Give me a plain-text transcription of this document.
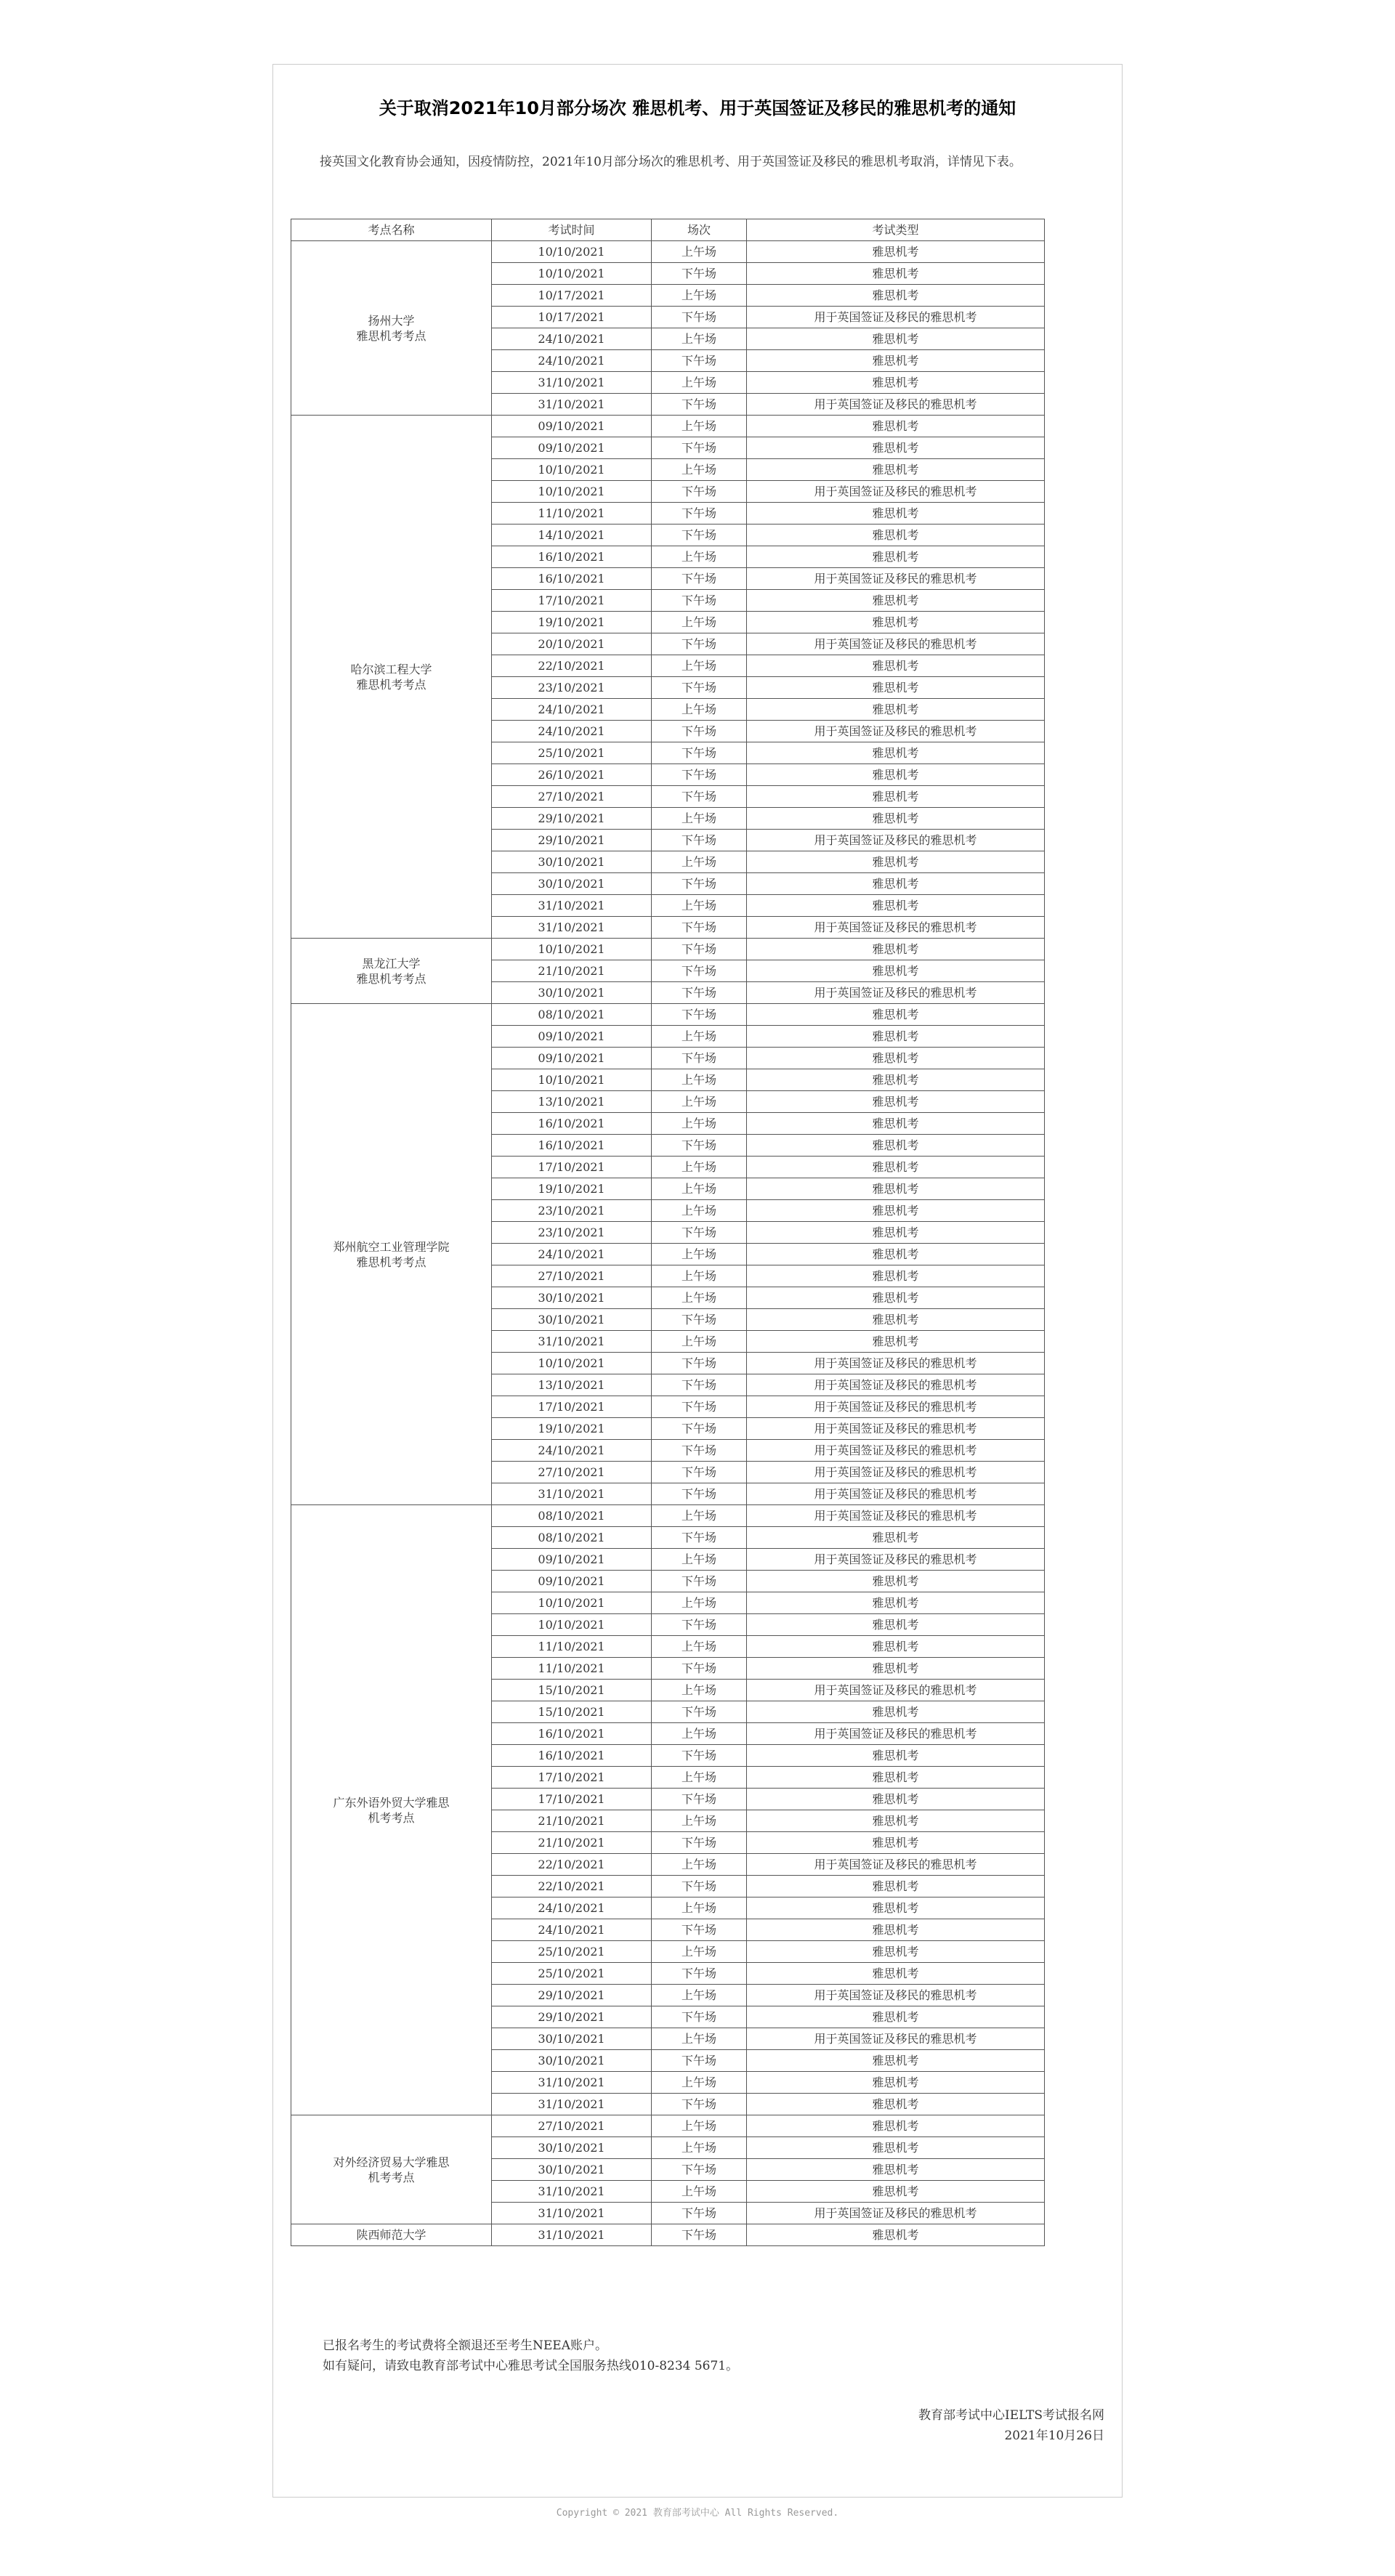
关于取消2021年10月部分场次 雅思机考、用于英国签证及移民的雅思机考的通知
接英国文化教育协会通知，因疫情防控，2021年10月部分场次的雅思机考、用于英国签证及移民的雅思机考取消，详情见下表。
考点名称	考试时间	场次	考试类型
扬州大学
雅思机考考点	10/10/2021	上午场	雅思机考
	10/10/2021	下午场	雅思机考
	10/17/2021	上午场	雅思机考
	10/17/2021	下午场	用于英国签证及移民的雅思机考
	24/10/2021	上午场	雅思机考
	24/10/2021	下午场	雅思机考
	31/10/2021	上午场	雅思机考
	31/10/2021	下午场	用于英国签证及移民的雅思机考
哈尔滨工程大学
雅思机考考点	09/10/2021	上午场	雅思机考
	09/10/2021	下午场	雅思机考
	10/10/2021	上午场	雅思机考
	10/10/2021	下午场	用于英国签证及移民的雅思机考
	11/10/2021	下午场	雅思机考
	14/10/2021	下午场	雅思机考
	16/10/2021	上午场	雅思机考
	16/10/2021	下午场	用于英国签证及移民的雅思机考
	17/10/2021	下午场	雅思机考
	19/10/2021	上午场	雅思机考
	20/10/2021	下午场	用于英国签证及移民的雅思机考
	22/10/2021	上午场	雅思机考
	23/10/2021	下午场	雅思机考
	24/10/2021	上午场	雅思机考
	24/10/2021	下午场	用于英国签证及移民的雅思机考
	25/10/2021	下午场	雅思机考
	26/10/2021	下午场	雅思机考
	27/10/2021	下午场	雅思机考
	29/10/2021	上午场	雅思机考
	29/10/2021	下午场	用于英国签证及移民的雅思机考
	30/10/2021	上午场	雅思机考
	30/10/2021	下午场	雅思机考
	31/10/2021	上午场	雅思机考
	31/10/2021	下午场	用于英国签证及移民的雅思机考
黑龙江大学
雅思机考考点	10/10/2021	下午场	雅思机考
	21/10/2021	下午场	雅思机考
	30/10/2021	下午场	用于英国签证及移民的雅思机考
郑州航空工业管理学院
雅思机考考点	08/10/2021	下午场	雅思机考
	09/10/2021	上午场	雅思机考
	09/10/2021	下午场	雅思机考
	10/10/2021	上午场	雅思机考
	13/10/2021	上午场	雅思机考
	16/10/2021	上午场	雅思机考
	16/10/2021	下午场	雅思机考
	17/10/2021	上午场	雅思机考
	19/10/2021	上午场	雅思机考
	23/10/2021	上午场	雅思机考
	23/10/2021	下午场	雅思机考
	24/10/2021	上午场	雅思机考
	27/10/2021	上午场	雅思机考
	30/10/2021	上午场	雅思机考
	30/10/2021	下午场	雅思机考
	31/10/2021	上午场	雅思机考
	10/10/2021	下午场	用于英国签证及移民的雅思机考
	13/10/2021	下午场	用于英国签证及移民的雅思机考
	17/10/2021	下午场	用于英国签证及移民的雅思机考
	19/10/2021	下午场	用于英国签证及移民的雅思机考
	24/10/2021	下午场	用于英国签证及移民的雅思机考
	27/10/2021	下午场	用于英国签证及移民的雅思机考
	31/10/2021	下午场	用于英国签证及移民的雅思机考
广东外语外贸大学雅思
机考考点	08/10/2021	上午场	用于英国签证及移民的雅思机考
	08/10/2021	下午场	雅思机考
	09/10/2021	上午场	用于英国签证及移民的雅思机考
	09/10/2021	下午场	雅思机考
	10/10/2021	上午场	雅思机考
	10/10/2021	下午场	雅思机考
	11/10/2021	上午场	雅思机考
	11/10/2021	下午场	雅思机考
	15/10/2021	上午场	用于英国签证及移民的雅思机考
	15/10/2021	下午场	雅思机考
	16/10/2021	上午场	用于英国签证及移民的雅思机考
	16/10/2021	下午场	雅思机考
	17/10/2021	上午场	雅思机考
	17/10/2021	下午场	雅思机考
	21/10/2021	上午场	雅思机考
	21/10/2021	下午场	雅思机考
	22/10/2021	上午场	用于英国签证及移民的雅思机考
	22/10/2021	下午场	雅思机考
	24/10/2021	上午场	雅思机考
	24/10/2021	下午场	雅思机考
	25/10/2021	上午场	雅思机考
	25/10/2021	下午场	雅思机考
	29/10/2021	上午场	用于英国签证及移民的雅思机考
	29/10/2021	下午场	雅思机考
	30/10/2021	上午场	用于英国签证及移民的雅思机考
	30/10/2021	下午场	雅思机考
	31/10/2021	上午场	雅思机考
	31/10/2021	下午场	雅思机考
对外经济贸易大学雅思
机考考点	27/10/2021	上午场	雅思机考
	30/10/2021	上午场	雅思机考
	30/10/2021	下午场	雅思机考
	31/10/2021	上午场	雅思机考
	31/10/2021	下午场	用于英国签证及移民的雅思机考
陕西师范大学	31/10/2021	下午场	雅思机考
已报名考生的考试费将全额退还至考生NEEA账户。
如有疑问，请致电教育部考试中心雅思考试全国服务热线010-8234 5671。
教育部考试中心IELTS考试报名网
2021年10月26日
Copyright © 2021 教育部考试中心 All Rights Reserved.
